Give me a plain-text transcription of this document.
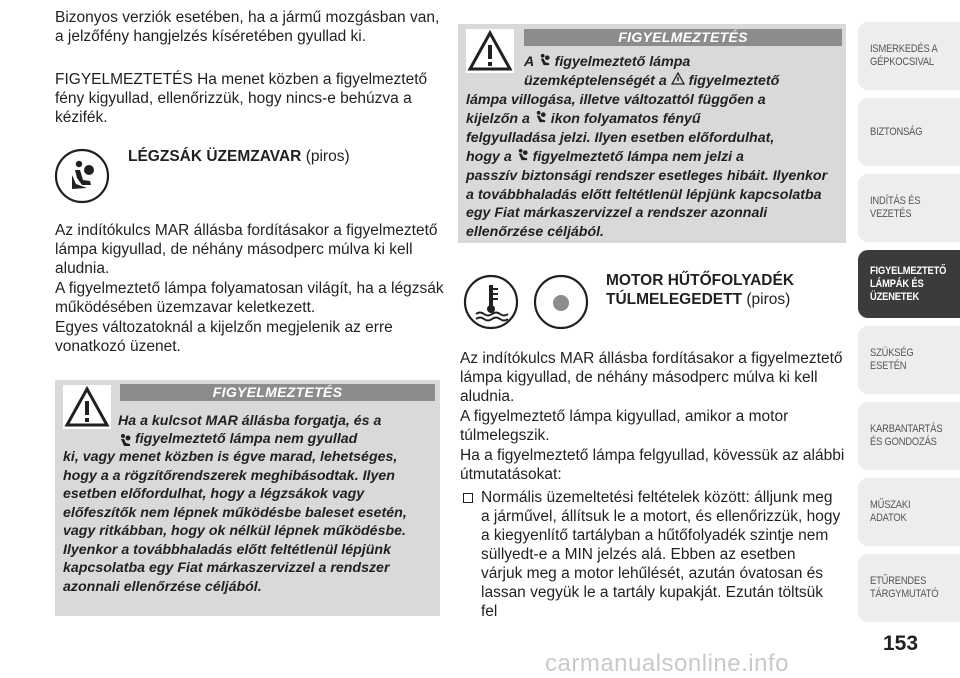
Bizonyos verziók esetében, ha a jármű mozgásban van, a jelzőfény hangjelzés kíséretében gyullad ki.

FIGYELMEZTETÉS Ha menet közben a figyelmeztető fény kigyullad, ellenőrizzük, hogy nincs-e behúzva a kézifék.

LÉGZSÁK ÜZEMZAVAR (piros)

Az indítókulcs MAR állásba fordításakor a figyelmeztető lámpa kigyullad, de néhány másodperc múlva ki kell aludnia.

A figyelmeztető lámpa folyamatosan világít, ha a légzsák működésében üzemzavar keletkezett.

Egyes változatoknál a kijelzőn megjelenik az erre vonatkozó üzenet.

FIGYELMEZTETÉS
Ha a kulcsot MAR állásba forgatja, és a
figyelmeztető lámpa nem gyullad
ki, vagy menet közben is égve marad, lehetséges, hogy a a rögzítőrendszerek meghibásodtak. Ilyen esetben előfordulhat, hogy a légzsákok vagy előfeszítők nem lépnek működésbe baleset esetén, vagy ritkábban, hogy ok nélkül lépnek működésbe. Ilyenkor a továbbhaladás előtt feltétlenül lépjünk kapcsolatba egy Fiat márkaszervizzel a rendszer azonnali ellenőrzése céljából.
FIGYELMEZTETÉS
A figyelmeztető lámpa
üzemképtelenségét a figyelmeztető
lámpa villogása, illetve változattól függően a
kijelzőn a ikon folyamatos fényű
felgyulladása jelzi. Ilyen esetben előfordulhat,
hogy a figyelmeztető lámpa nem jelzi a
passzív biztonsági rendszer esetleges hibáit. Ilyenkor a továbbhaladás előtt feltétlenül lépjünk kapcsolatba egy Fiat márkaszervizzel a rendszer azonnali ellenőrzése céljából.
MOTOR HŰTŐFOLYADÉK
TÚLMELEGEDETT (piros)

Az indítókulcs MAR állásba fordításakor a figyelmeztető lámpa kigyullad, de néhány másodperc múlva ki kell aludnia.

A figyelmeztető lámpa kigyullad, amikor a motor túlmelegszik.

Ha a figyelmeztető lámpa felgyullad, kövessük az alábbi útmutatásokat:

Normális üzemeltetési feltételek között: álljunk meg a járművel, állítsuk le a motort, és ellenőrizzük, hogy a kiegyenlítő tartályban a hűtőfolyadék szintje nem süllyedt-e a MIN jelzés alá. Ebben az esetben várjuk meg a motor lehűlését, azután óvatosan és lassan vegyük le a tartály kupakját. Ezután töltsük fel

ISMERKEDÉS A GÉPKOCSIVAL
BIZTONSÁG
INDÍTÁS ÉS VEZETÉS
FIGYELMEZTETŐ LÁMPÁK ÉS ÜZENETEK
SZÜKSÉG ESETÉN
KARBANTARTÁS ÉS GONDOZÁS
MŰSZAKI ADATOK
ETŰRENDES TÁRGYMUTATÓ
153
carmanualsonline.info
